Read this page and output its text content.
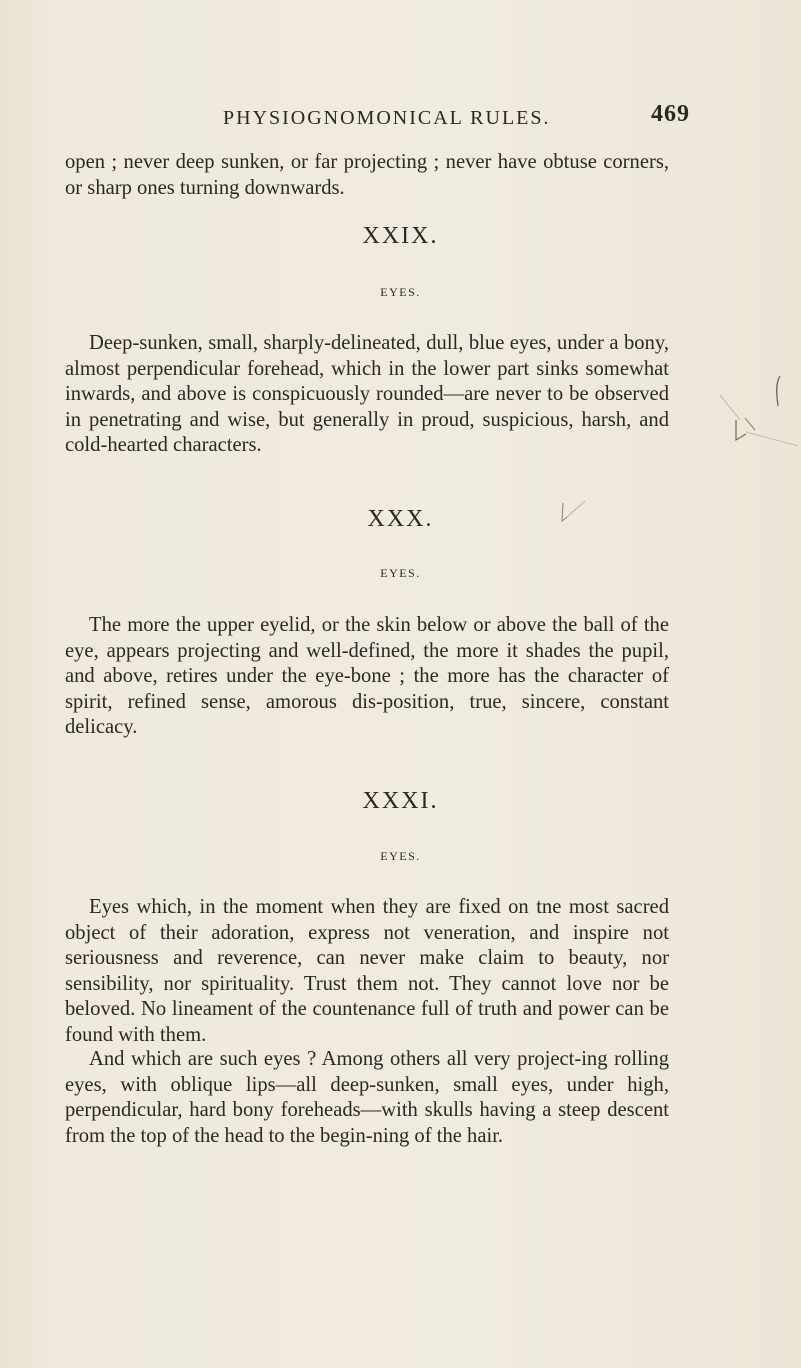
PHYSIOGNOMONICAL RULES.	469

open ; never deep sunken, or far projecting ; never have obtuse corners, or sharp ones turning downwards.

XXIX.
EYES.

Deep-sunken, small, sharply-delineated, dull, blue eyes, under a bony, almost perpendicular forehead, which in the lower part sinks somewhat inwards, and above is conspicuously rounded—are never to be observed in penetrating and wise, but generally in proud, suspicious, harsh, and cold-hearted characters.

XXX.
EYES.

The more the upper eyelid, or the skin below or above the ball of the eye, appears projecting and well-defined, the more it shades the pupil, and above, retires under the eye-bone ; the more has the character of spirit, refined sense, amorous dis-position, true, sincere, constant delicacy.

XXXI.
EYES.

Eyes which, in the moment when they are fixed on tne most sacred object of their adoration, express not veneration, and inspire not seriousness and reverence, can never make claim to beauty, nor sensibility, nor spirituality. Trust them not. They cannot love nor be beloved. No lineament of the countenance full of truth and power can be found with them.

And which are such eyes ? Among others all very project-ing rolling eyes, with oblique lips—all deep-sunken, small eyes, under high, perpendicular, hard bony foreheads—with skulls having a steep descent from the top of the head to the begin-ning of the hair.
